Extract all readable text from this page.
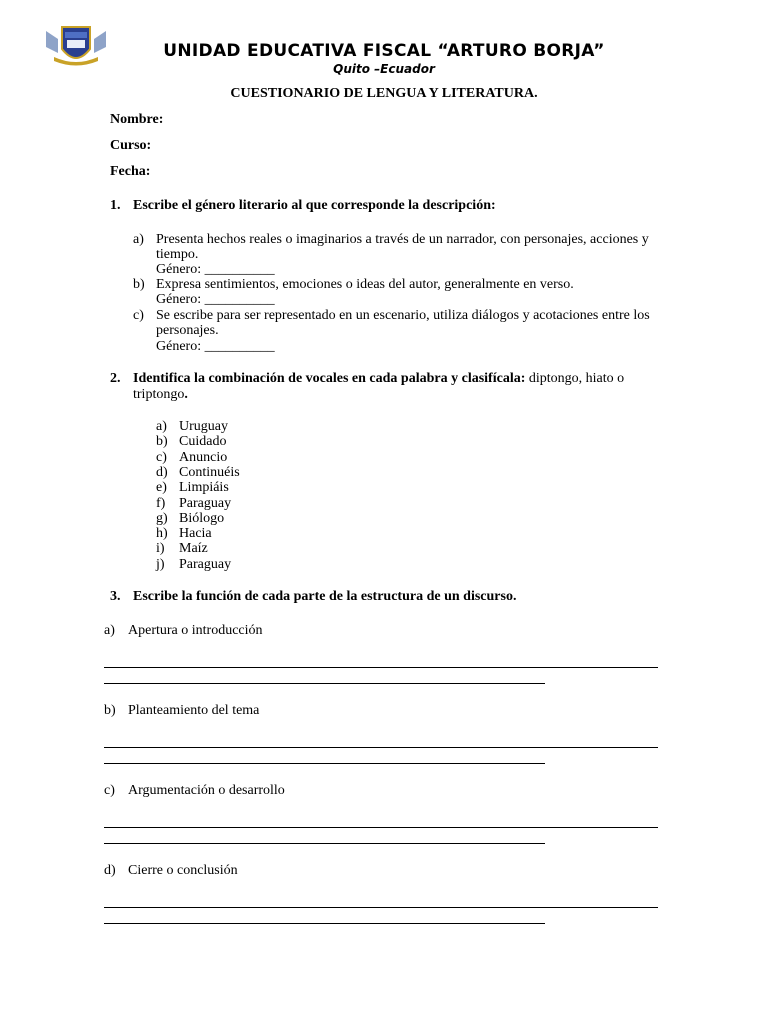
UNIDAD EDUCATIVA FISCAL “ARTURO BORJA”
Quito –Ecuador
CUESTIONARIO DE LENGUA Y LITERATURA.
Nombre:
Curso:
Fecha:
1. Escribe el género literario al que corresponde la descripción:
a) Presenta hechos reales o imaginarios a través de un narrador, con personajes, acciones y
tiempo.
Género: __________
b) Expresa sentimientos, emociones o ideas del autor, generalmente en verso.
Género: __________
c) Se escribe para ser representado en un escenario, utiliza diálogos y acotaciones entre los
personajes.
Género: __________
2. Identifica la combinación de vocales en cada palabra y clasifícala: diptongo, hiato o
triptongo.
a) Uruguay
b) Cuidado
c) Anuncio
d) Continuéis
e) Limpiáis
f) Paraguay
g) Biólogo
h) Hacia
i) Maíz
j) Paraguay
3. Escribe la función de cada parte de la estructura de un discurso.
a) Apertura o introducción
b) Planteamiento del tema
c) Argumentación o desarrollo
d) Cierre o conclusión
